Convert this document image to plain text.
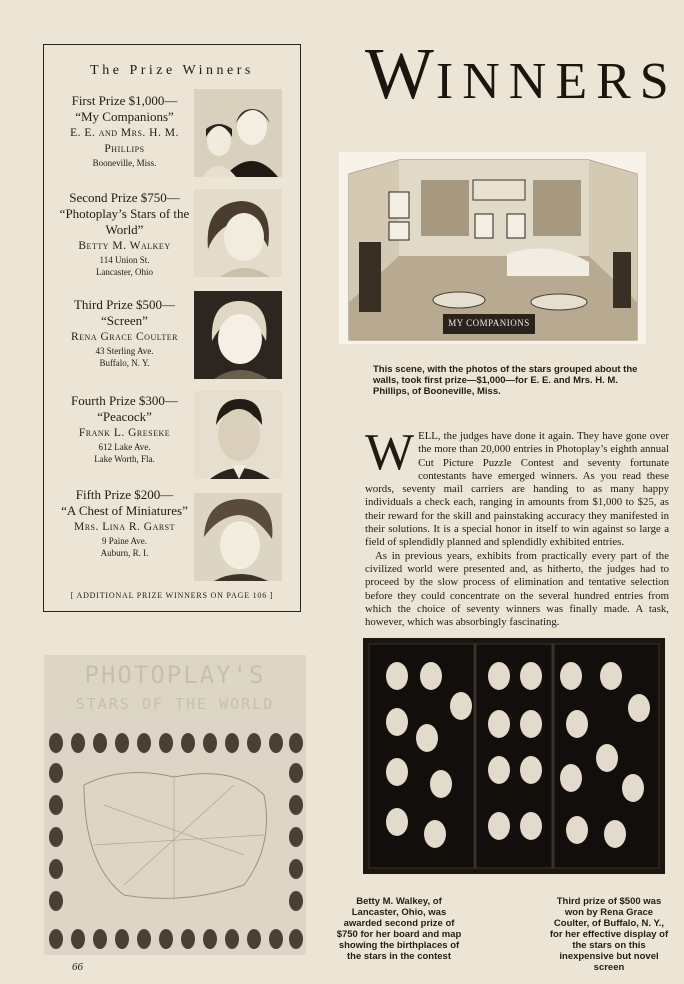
The Prize Winners
First Prize $1,000—
“My Companions”
E. E. and Mrs. H. M. Phillips
Booneville, Miss.
Second Prize $750—
“Photoplay’s Stars of the World”
Betty M. Walkey
114 Union St.
Lancaster, Ohio
Third Prize $500—
“Screen”
Rena Grace Coulter
43 Sterling Ave.
Buffalo, N. Y.
Fourth Prize $300—
“Peacock”
Frank L. Greseke
612 Lake Ave.
Lake Worth, Fla.
Fifth Prize $200—
“A Chest of Miniatures”
Mrs. Lina R. Garst
9 Paine Ave.
Auburn, R. I.
[ ADDITIONAL PRIZE WINNERS ON PAGE 106 ]
WINNERS
MY COMPANIONS
This scene, with the photos of the stars grouped about the walls, took first prize—$1,000—for E. E. and Mrs. H. M. Phillips, of Booneville, Miss.

WELL, the judges have done it again. They have gone over the more than 20,000 entries in Photoplay’s eighth annual Cut Picture Puzzle Contest and seventy fortunate contestants have emerged winners. As you read these words, seventy mail carriers are handing to as many happy individuals a check each, ranging in amounts from $1,000 to $25, as their reward for the skill and painstaking accuracy they manifested in their solutions. It is a special honor in itself to win against so large a field of splendidly planned and splendidly exhibited entries.

As in previous years, exhibits from practically every part of the civilized world were presented and, as hitherto, the judges had to proceed by the slow process of elimination and tentative selection before they could concentrate on the several hundred entries from which the choice of seventy winners was finally made. A task, however, which was absorbingly fascinating.

PHOTOPLAY'S
STARS OF THE WORLD
Betty M. Walkey, of Lancaster, Ohio, was awarded second prize of $750 for her board and map showing the birthplaces of the stars in the contest
Third prize of $500 was won by Rena Grace Coulter, of Buffalo, N. Y., for her effective display of the stars on this inexpensive but novel screen
66
